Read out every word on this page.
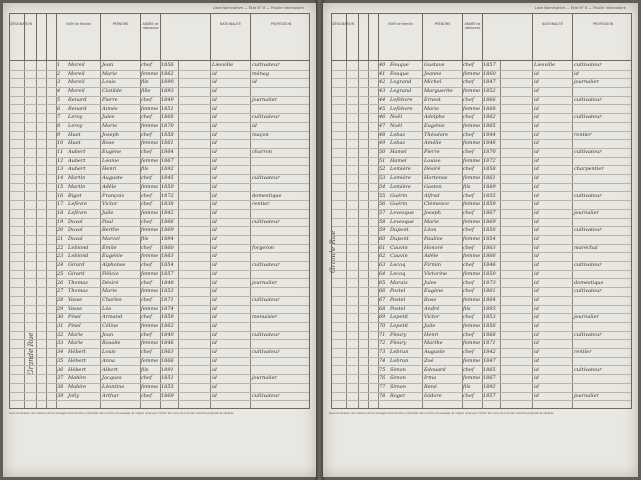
Liste Nominative — État N° 8 — Feuille intercalaire
Grande Rue
DÉSIGNATION	NOM de famille	PRÉNOMS	ANNÉE de naissance
NATIONALITÉ	PROFESSION
1	Moreil	Jean	chef	1856	Liesville	cultivateur
2	Moreil	Marie	femme 1862	id	ménag
3	Moreil	Louis	fils	1890	id	id
4	Moreil	Clotilde	fille	1893	id
5	Renard	Pierre	chef	1849	id	journalier
6	Renard	Aimée	femme 1851	id
7	Leroy	Jules	chef	1868	id	cultivateur
8	Leroy	Marie	femme 1870	id	id
9	Huet	Joseph	chef	1858	id	maçon
10 Huet	Rose	femme 1861	id
11 Aubert	Eugène	chef	1864	id	charron
12 Aubert	Léonie	femme 1867	id
13 Aubert	Henri	fils	1892	id
14 Martin	Auguste	chef	1845	id	cultivateur
15 Martin	Adèle	femme 1850	id
16 Bigot	François	chef	1872	id	domestique
17 Lefèvre	Victor	chef	1838	id	rentier
18 Lefèvre	Julie	femme 1842	id
19 Duval	Paul	chef	1866	id	cultivateur
20 Duval	Berthe	femme 1869	id
21 Duval	Marcel	fils	1894	id
22 Leblond	Émile	chef	1860	id	forgeron
23 Leblond	Eugénie	femme 1863	id
24 Girard	Alphonse	chef	1854	id	cultivateur
25 Girard	Félicie	femme 1857	id
26 Thomas	Désiré	chef	1848	id	journalier
27 Thomas	Marie	femme 1853	id
28 Vasse	Charles	chef	1871	id	cultivateur
29 Vasse	Léa	femme 1874	id
30 Pinel	Armand	chef	1859	id	menuisier
31 Pinel	Céline	femme 1862	id
32 Marie	Jean	chef	1840	id	cultivateur
33 Marie	Rosalie	femme 1846	id
34 Hébert	Louis	chef	1863	id	cultivateur
35 Hébert	Anna	femme 1866	id
36 Hébert	Albert	fils	1891	id
37 Mabire	Jacques	chef	1851	id	journalier
38 Mabire	Léontine	femme 1855	id
39 Jolly	Arthur	chef	1869	id	cultivateur
Dans le tableau, les maisons et les ménages doivent être numérotés dans l'ordre de passage de l'agent recenseur. Porter les noms de tous les individus présents et absents.
Liste Nominative — État N° 8 — Feuille intercalaire
Grande Rue
DÉSIGNATION	NOM de famille	PRÉNOMS	ANNÉE de naissance
NATIONALITÉ	PROFESSION
40 Fouque	Gustave	chef	1857	Liesville	cultivateur
41 Fouque	Jeanne	femme 1860	id	id
42 Legrand	Michel	chef	1847	id	journalier
43 Legrand	Marguerite	femme 1852	id
44 Lefèbvre	Ernest	chef	1866	id	cultivateur
45 Lefèbvre	Marie	femme 1868	id
46 Noël	Adolphe	chef	1862	id	cultivateur
47 Noël	Eugénie	femme 1865	id
48 Lebas	Théodore	chef	1844	id	rentier
49 Lebas	Amélie	femme 1848	id
50 Hamel	Pierre	chef	1870	id	cultivateur
51 Hamel	Louise	femme 1872	id
52 Lemière	Désiré	chef	1858	id	charpentier
53 Lemière	Hortense	femme 1861	id
54 Lemière	Gaston	fils	1889	id
55 Guérin	Alfred	chef	1855	id	cultivateur
56 Guérin	Clémence	femme 1859	id
57 Levesque	Joseph	chef	1867	id	journalier
58 Levesque	Marie	femme 1869	id
59 Dupont	Léon	chef	1850	id	cultivateur
60 Dupont	Pauline	femme 1854	id
61 Cauvin	Honoré	chef	1863	id	maréchal
62 Cauvin	Adèle	femme 1866	id
63 Lecoq	Firmin	chef	1846	id	cultivateur
64 Lecoq	Victorine	femme 1850	id
65 Marais	Jules	chef	1873	id	domestique
66 Postel	Eugène	chef	1861	id	cultivateur
67 Postel	Rose	femme 1864	id
68 Postel	André	fils	1893	id
69 Lepetit	Victor	chef	1853	id	journalier
70 Lepetit	Julie	femme 1856	id
71 Fleury	Henri	chef	1868	id	cultivateur
72 Fleury	Marthe	femme 1871	id
73 Lebrun	Auguste	chef	1842	id	rentier
74 Lebrun	Zoé	femme 1847	id
75 Simon	Édouard	chef	1865	id	cultivateur
76 Simon	Irma	femme 1867	id
77 Simon	René	fils	1892	id
78 Roger	Isidore	chef	1857	id	journalier
Dans le tableau, les maisons et les ménages doivent être numérotés dans l'ordre de passage de l'agent recenseur. Porter les noms de tous les individus présents et absents.
